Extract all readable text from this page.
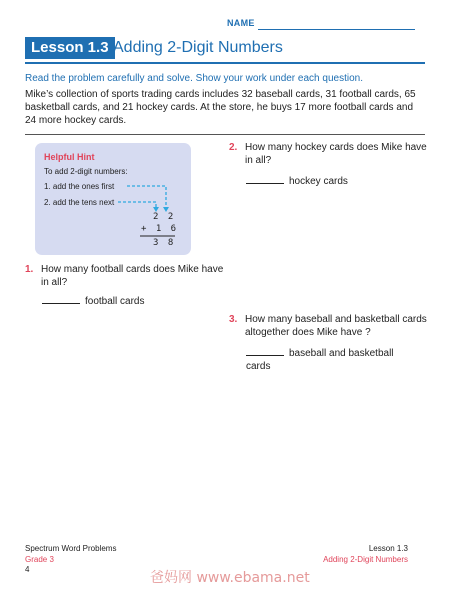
NAME
Lesson 1.3 Adding 2-Digit Numbers
Read the problem carefully and solve. Show your work under each question.
Mike’s collection of sports trading cards includes 32 baseball cards, 31 football cards, 65 basketball cards, and 21 hockey cards. At the store, he buys 17 more football cards and 24 more hockey cards.
Helpful Hint
To add 2-digit numbers:
1. add the ones first
2. add the tens next
2 2
+ 1 6
3 8
1. How many football cards does Mike have in all?
football cards
2. How many hockey cards does Mike have in all?
hockey cards
3. How many baseball and basketball cards altogether does Mike have ?
baseball and basketball cards
Spectrum Word Problems
Grade 3
Lesson 1.3
Adding 2-Digit Numbers
4
爸妈网 www.ebama.net
